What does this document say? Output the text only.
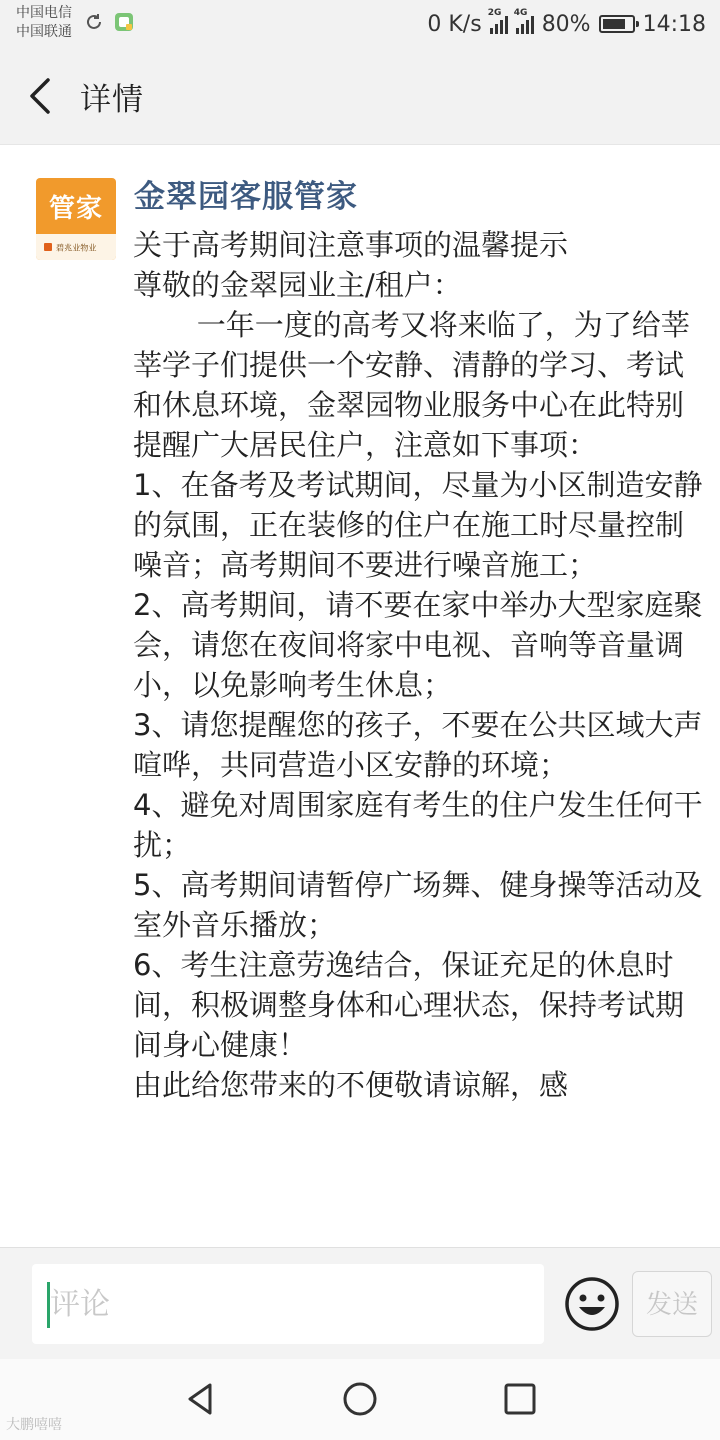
中国电信
中国联通	0 K/s 2G 4G 80% 14:18
详情
管家
碧兆业物业
金翠园客服管家

关于高考期间注意事项的温馨提示

尊敬的金翠园业主/租户：

一年一度的高考又将来临了，为了给莘莘学子们提供一个安静、清静的学习、考试和休息环境，金翠园物业服务中心在此特别提醒广大居民住户，注意如下事项：

1、在备考及考试期间，尽量为小区制造安静的氛围，正在装修的住户在施工时尽量控制噪音；高考期间不要进行噪音施工；

2、高考期间，请不要在家中举办大型家庭聚会，请您在夜间将家中电视、音响等音量调小，以免影响考生休息；

3、请您提醒您的孩子，不要在公共区域大声喧哗，共同营造小区安静的环境；

4、避免对周围家庭有考生的住户发生任何干扰；

5、高考期间请暂停广场舞、健身操等活动及室外音乐播放；

6、考生注意劳逸结合，保证充足的休息时间，积极调整身体和心理状态，保持考试期间身心健康！

由此给您带来的不便敬请谅解，感

评论
发送
大鹏嘻嘻
